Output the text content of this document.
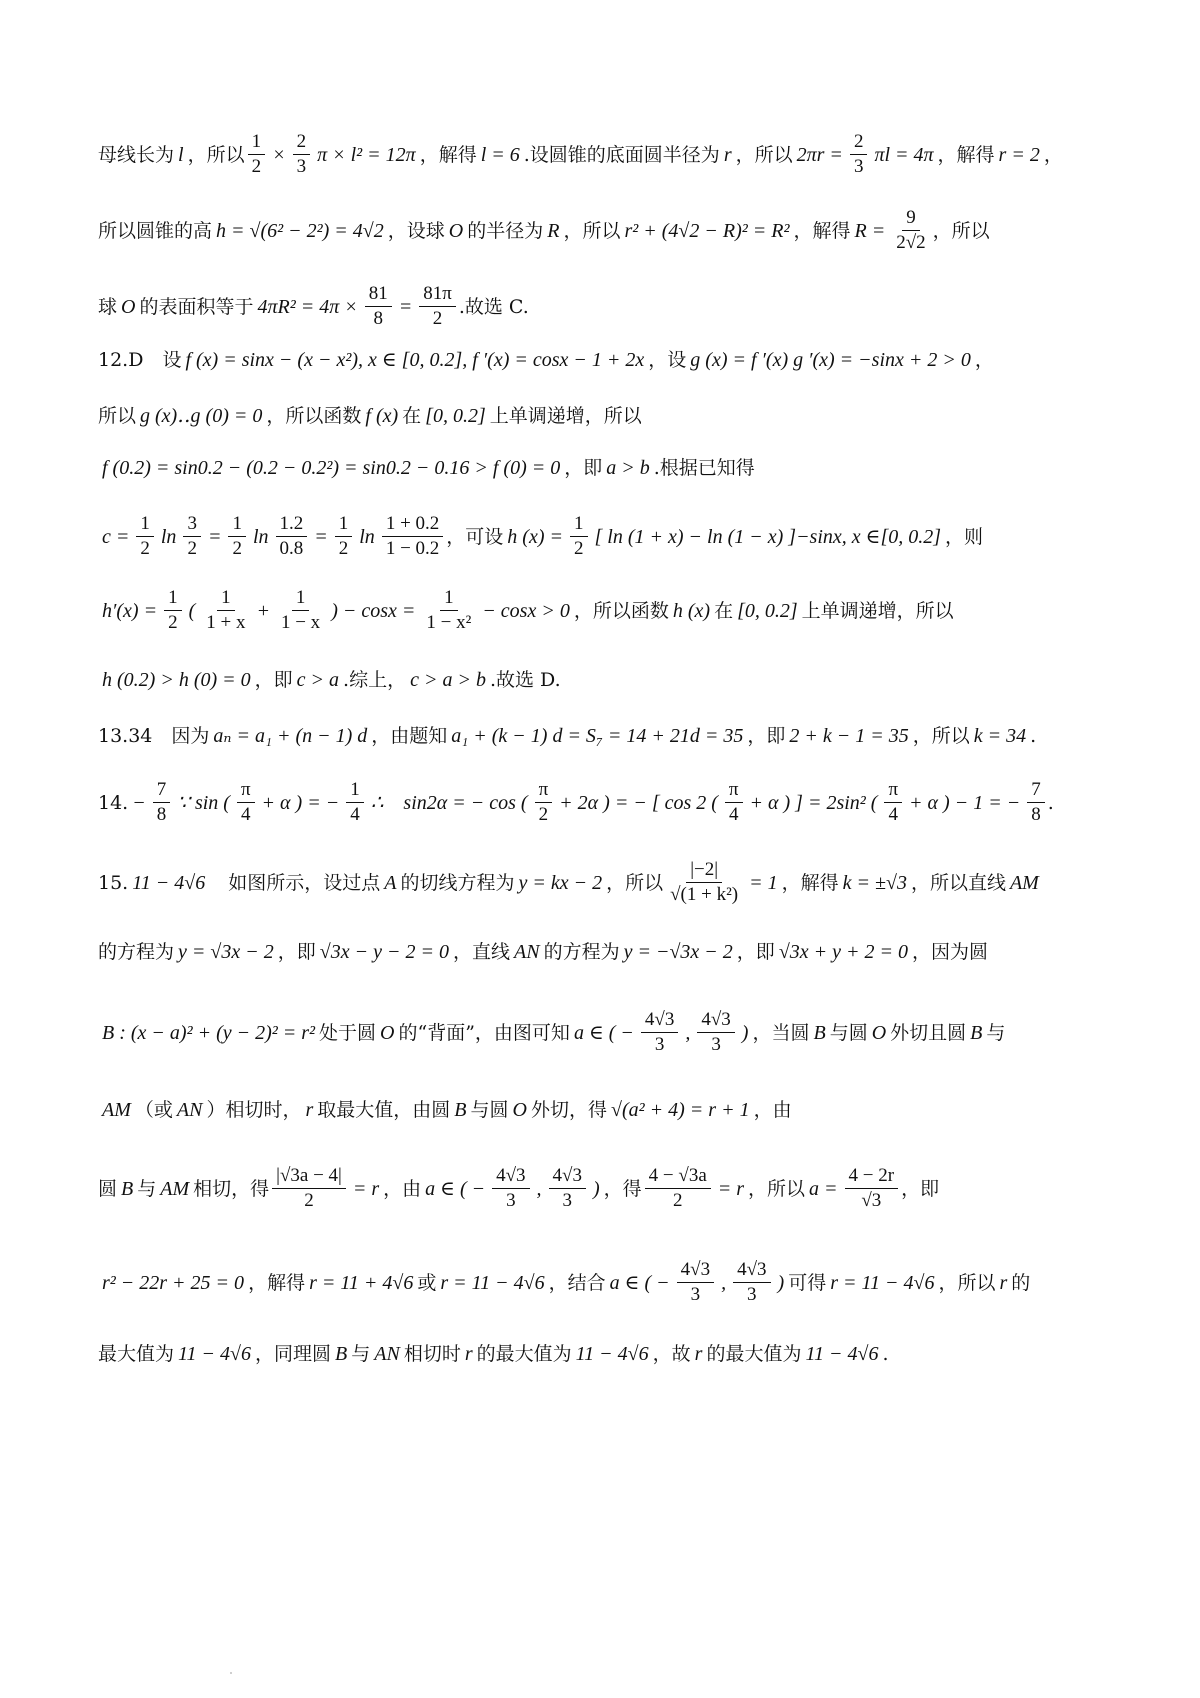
母线长为 l ，所以 $\frac{1}{2} \times \frac{2}{3}$ π × l² = 12π ，解得 l = 6 .设圆锥的底面圆半径为 r ，所以 $2\pi r = \frac{2}{3}$ πl = 4π ，解得 r = 2 ，
所以圆锥的高 h = √(6² − 2²) = 4√2 ，设球 O 的半径为 R ，所以 r² + (4√2 − R)² = R² ，解得 $R = \frac{9}{2√2}$ ，所以
球 O 的表面积等于 $4\pi R^2 = 4\pi \times \frac{81}{8} = \frac{81\pi}{2}$ .故选 C.
12.D　设 f (x) = sinx − (x − x²), x ∈ [0, 0.2], f ′(x) = cosx − 1 + 2x ，设 g (x) = f ′(x) g ′(x) = −sinx + 2 > 0 ，
所以 g (x)‥g (0) = 0 ，所以函数 f (x) 在 [0, 0.2] 上单调递增，所以
f (0.2) = sin0.2 − (0.2 − 0.2²) = sin0.2 − 0.16 > f (0) = 0 ，即 a > b .根据已知得
$c = \frac{1}{2}$ $\ln \frac{3}{2} = \frac{1}{2}$ $\ln \frac{1.2}{0.8} = \frac{1}{2}$ $\ln \frac{1 + 0.2}{1 - 0.2}$ ，可设 h $(x) = \frac{1}{2}$ [ ln (1 + x) − ln (1 − x) ]−sinx, x ∈[0, 0.2] ，则
$h'(x) = \frac{1}{2}$ ( $\frac{1}{1 + x} + \frac{1}{1 - x}$ ) − $\cos x = \frac{1}{\text{1 − x²}} - \cos x > 0$ ，所以函数 h (x) 在 [0, 0.2] 上单调递增，所以
h (0.2) > h (0) = 0 ，即 c > a .综上， c > a > b .故选 D.
13.34　因为 aₙ = a₁ + (n − 1) d ，由题知 a₁ + (k − 1) d = S₇ = 14 + 21d = 35 ，即 2 + k − 1 = 35 ，所以 k = 34 .
14. − $\frac{7}{8}$ ∵ sin ( $\frac{\pi}{4} + \alpha$ ) = − $\frac{1}{4}$ ∴　sin2α = − cos ( $\frac{\pi}{2} + 2\alpha$ ) = − [ cos 2 ( $\frac{\pi}{4} + \alpha$ ) ] = 2sin² ( $\frac{\pi}{4} + \alpha$ ) − 1 = − $\frac{7}{8}$ .
15. 11 − 4√6 　如图所示，设过点 A 的切线方程为 y = kx − 2 ，所以 $\frac{|-2|}{\text{√(1 + k²)}} = 1$ ，解得 k = ±√3 ，所以直线 AM
的方程为 y = √3x − 2 ，即 √3x − y − 2 = 0 ，直线 AN 的方程为 y = −√3x − 2 ，即 √3x + y + 2 = 0 ，因为圆
B : (x − a)² + (y − 2)² = r² 处于圆 O 的“背面”，由图可知 a ∈ ( − $\frac{4√3}{3}$ , $\frac{4√3}{3}$ ) ，当圆 B 与圆 O 外切且圆 B 与
AM （或 AN ）相切时， r 取最大值，由圆 B 与圆 O 外切，得 √(a² + 4) = r + 1 ，由
圆 B 与 AM 相切，得 $\frac{|√3a - 4|}{2} = r$ ，由 a ∈ ( − $\frac{4√3}{3}$ , $\frac{4√3}{3}$ ) ，得 $\frac{4 - √3a}{2} = r$ ，所以 $a = \frac{4 - 2r}{√3}$ ，即
r² − 22r + 25 = 0 ，解得 r = 11 + 4√6 或 r = 11 − 4√6 ，结合 a ∈ ( − $\frac{4√3}{3}$ , $\frac{4√3}{3}$ ) 可得 r = 11 − 4√6 ，所以 r 的
最大值为 11 − 4√6 ，同理圆 B 与 AN 相切时 r 的最大值为 11 − 4√6 ，故 r 的最大值为 11 − 4√6 .
